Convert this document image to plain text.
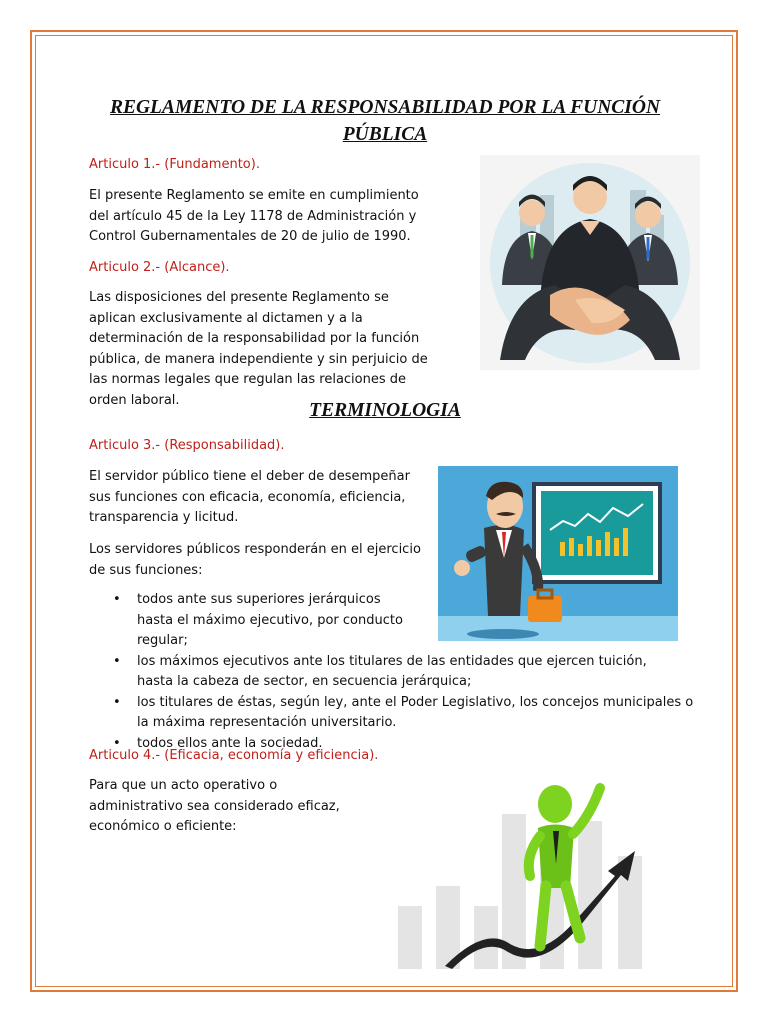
REGLAMENTO DE LA RESPONSABILIDAD POR LA FUNCIÓN PÚBLICA
Articulo 1.- (Fundamento).
El presente Reglamento se emite en cumplimiento del artículo 45 de la Ley 1178 de Administración y Control Gubernamentales de 20 de julio de 1990.
Articulo 2.- (Alcance).
Las disposiciones del presente Reglamento se aplican exclusivamente al dictamen y a la determinación de la responsabilidad por la función pública, de manera independiente y sin perjuicio de las normas legales que regulan las relaciones de orden laboral.	TERMINOLOGIA
Articulo 3.- (Responsabilidad).
El servidor público tiene el deber de desempeñar sus funciones con eficacia, economía, eficiencia, transparencia y licitud.
Los servidores públicos responderán en el ejercicio de sus funciones:
• todos ante sus superiores jerárquicos hasta el máximo ejecutivo, por conducto regular;
• los máximos ejecutivos ante los titulares de las entidades que ejercen tuición, hasta la cabeza de sector, en secuencia jerárquica;
• los titulares de éstas, según ley, ante el Poder Legislativo, los concejos municipales o la máxima representación universitario.
• todos ellos ante la sociedad.
Articulo 4.- (Eficacia, economía y eficiencia).
Para que un acto operativo o administrativo sea considerado eficaz, económico o eficiente:
